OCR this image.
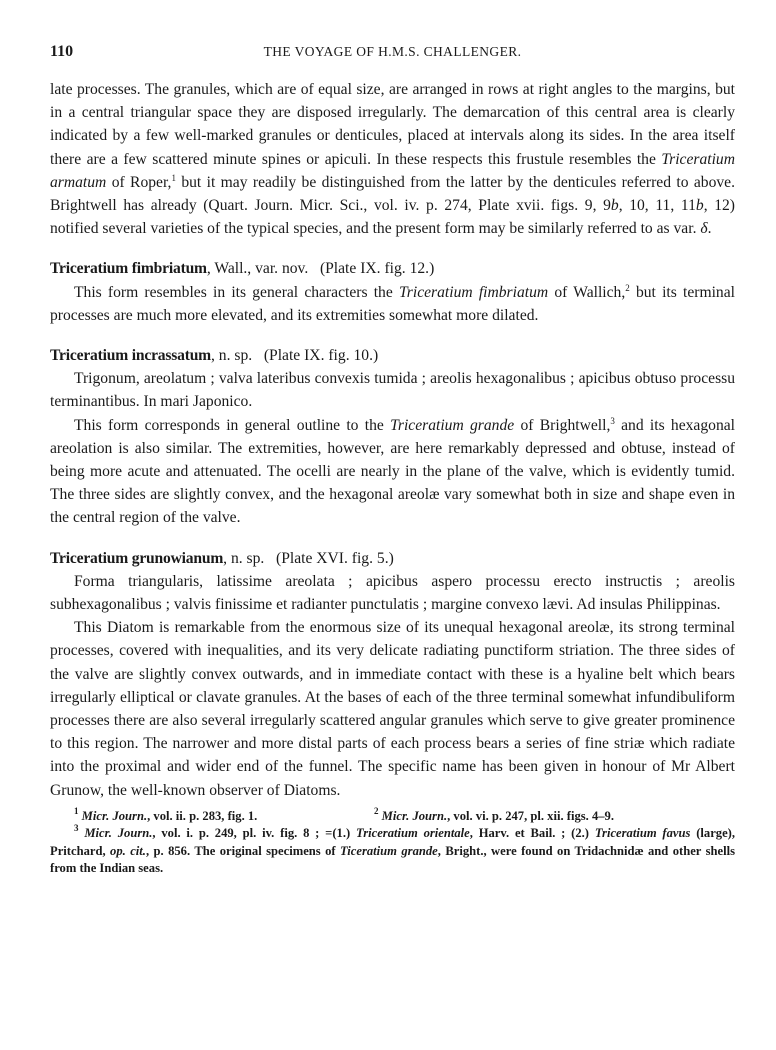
110	THE VOYAGE OF H.M.S. CHALLENGER.

late processes. The granules, which are of equal size, are arranged in rows at right angles to the margins, but in a central triangular space they are disposed irregularly. The demarcation of this central area is clearly indicated by a few well-marked granules or denticules, placed at intervals along its sides. In the area itself there are a few scattered minute spines or apiculi. In these respects this frustule resembles the Triceratium armatum of Roper,$^1$ but it may readily be distinguished from the latter by the denticules referred to above. Brightwell has already (Quart. Journ. Micr. Sci., vol. iv. p. 274, Plate xvii. figs. 9, 9b, 10, 11, 11b, 12) notified several varieties of the typical species, and the present form may be similarly referred to as var. δ.

Triceratium fimbriatum, Wall., var. nov. (Plate IX. fig. 12.)

This form resembles in its general characters the Triceratium fimbriatum of Wallich,$^2$ but its terminal processes are much more elevated, and its extremities somewhat more dilated.

Triceratium incrassatum, n. sp. (Plate IX. fig. 10.)

Trigonum, areolatum ; valva lateribus convexis tumida ; areolis hexagonalibus ; apicibus obtuso processu terminantibus. In mari Japonico.

This form corresponds in general outline to the Triceratium grande of Brightwell,$^3$ and its hexagonal areolation is also similar. The extremities, however, are here remarkably depressed and obtuse, instead of being more acute and attenuated. The ocelli are nearly in the plane of the valve, which is evidently tumid. The three sides are slightly convex, and the hexagonal areolæ vary somewhat both in size and shape even in the central region of the valve.

Triceratium grunowianum, n. sp. (Plate XVI. fig. 5.)

Forma triangularis, latissime areolata ; apicibus aspero processu erecto instructis ; areolis subhexagonalibus ; valvis finissime et radianter punctulatis ; margine convexo lævi. Ad insulas Philippinas.

This Diatom is remarkable from the enormous size of its unequal hexagonal areolæ, its strong terminal processes, covered with inequalities, and its very delicate radiating punctiform striation. The three sides of the valve are slightly convex outwards, and in immediate contact with these is a hyaline belt which bears irregularly elliptical or clavate granules. At the bases of each of the three terminal somewhat infundibuliform processes there are also several irregularly scattered angular granules which serve to give greater prominence to this region. The narrower and more distal parts of each process bears a series of fine striæ which radiate into the proximal and wider end of the funnel. The specific name has been given in honour of Mr Albert Grunow, the well-known observer of Diatoms.

$^1$ Micr. Journ., vol. ii. p. 283, fig. 1.	$^2$ Micr. Journ., vol. vi. p. 247, pl. xii. figs. 4–9.

$^3$ Micr. Journ., vol. i. p. 249, pl. iv. fig. 8 ; =(1.) Triceratium orientale, Harv. et Bail. ; (2.) Triceratium favus (large), Pritchard, op. cit., p. 856. The original specimens of Ticeratium grande, Bright., were found on Tridachnidæ and other shells from the Indian seas.
